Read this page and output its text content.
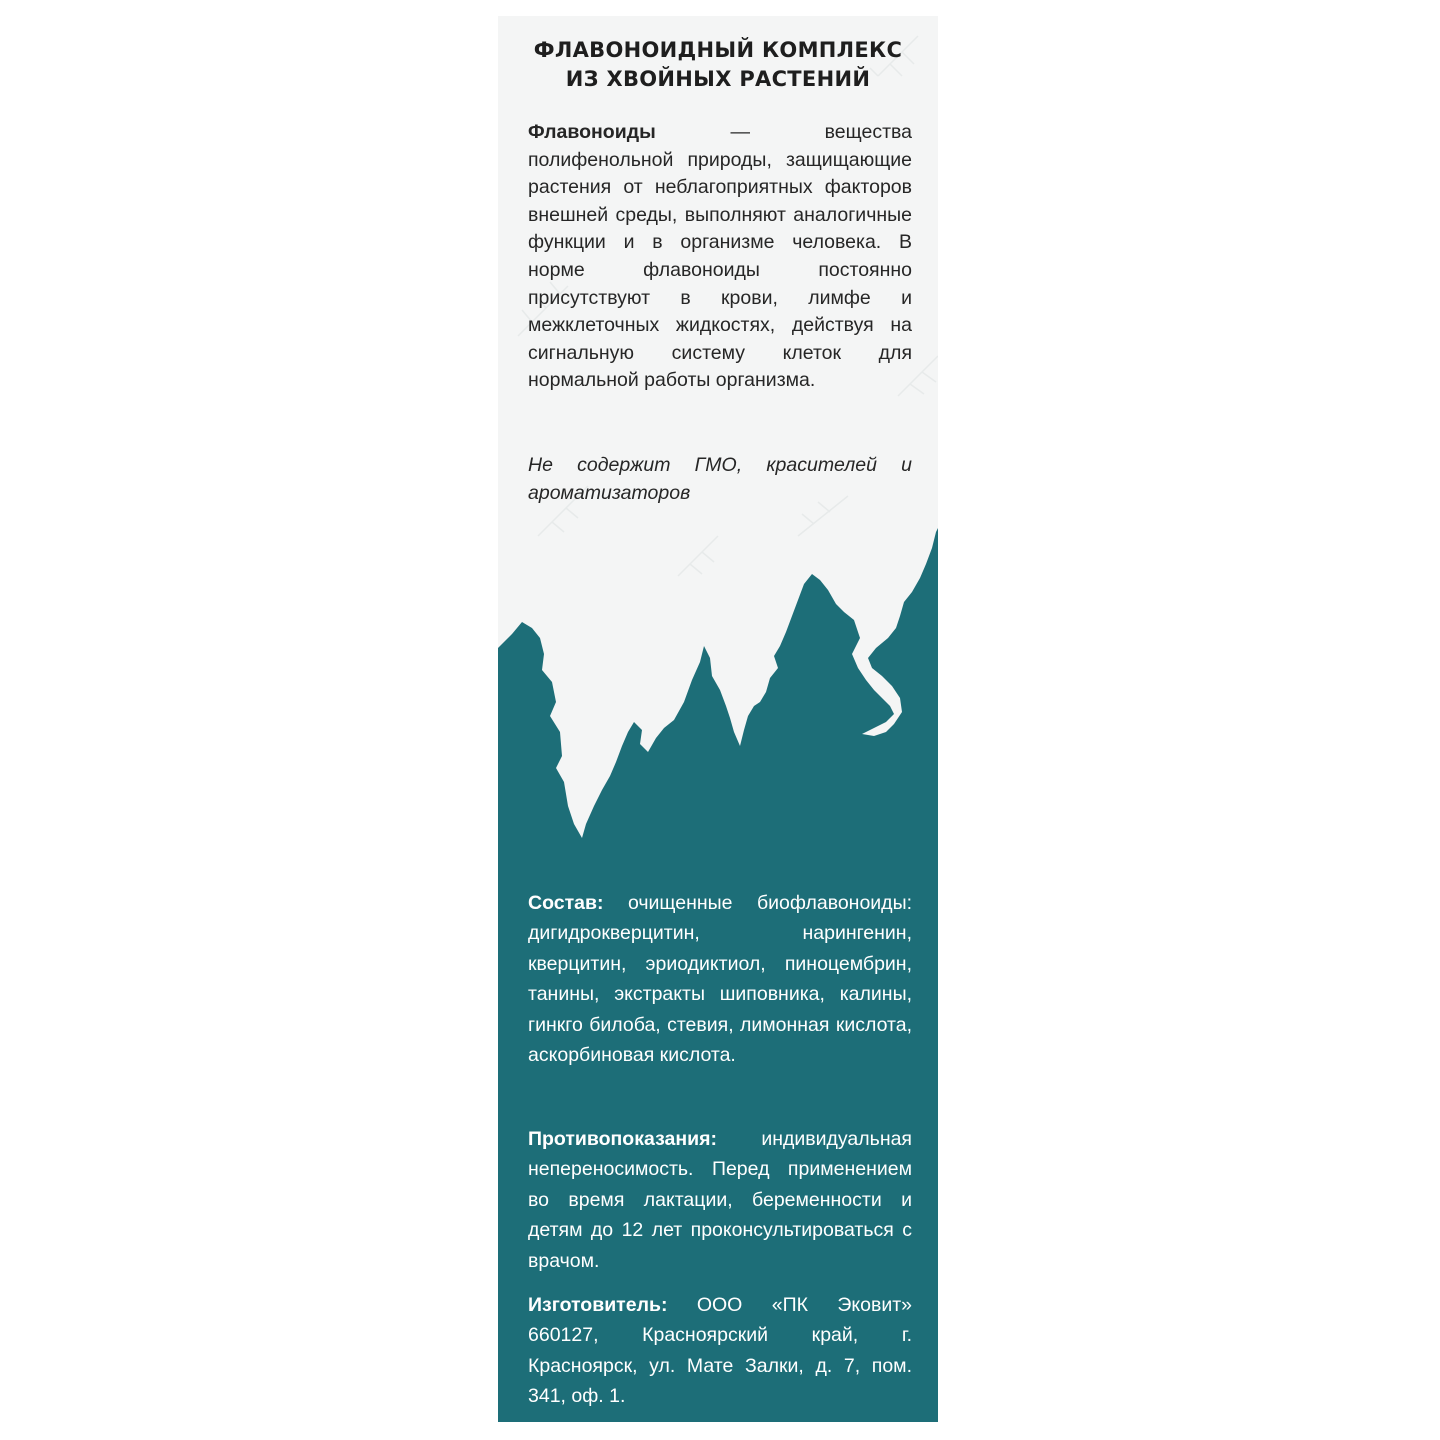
ФЛАВОНОИДНЫЙ КОМПЛЕКС
ИЗ ХВОЙНЫХ РАСТЕНИЙ
Флавоноиды — вещества полифенольной природы, защищающие растения от неблагоприятных факторов внешней среды, выполняют аналогичные функции и в организме человека. В норме флавоноиды постоянно присутствуют в крови, лимфе и межклеточных жидкостях, действуя на сигнальную систему клеток для нормальной работы организма.
Не содержит ГМО, красителей и ароматизаторов
Состав: очищенные биофлавоноиды: дигидрокверцитин, нарингенин, кверцитин, эриодиктиол, пиноцембрин, танины, экстракты шиповника, калины, гинкго билоба, стевия, лимонная кислота, аскорбиновая кислота.
Противопоказания: индивидуальная непереносимость. Перед применением во время лактации, беременности и детям до 12 лет проконсультироваться с врачом.
Изготовитель: ООО «ПК Эковит» 660127, Красноярский край, г. Красноярск, ул. Мате Залки, д. 7, пом. 341, оф. 1.
